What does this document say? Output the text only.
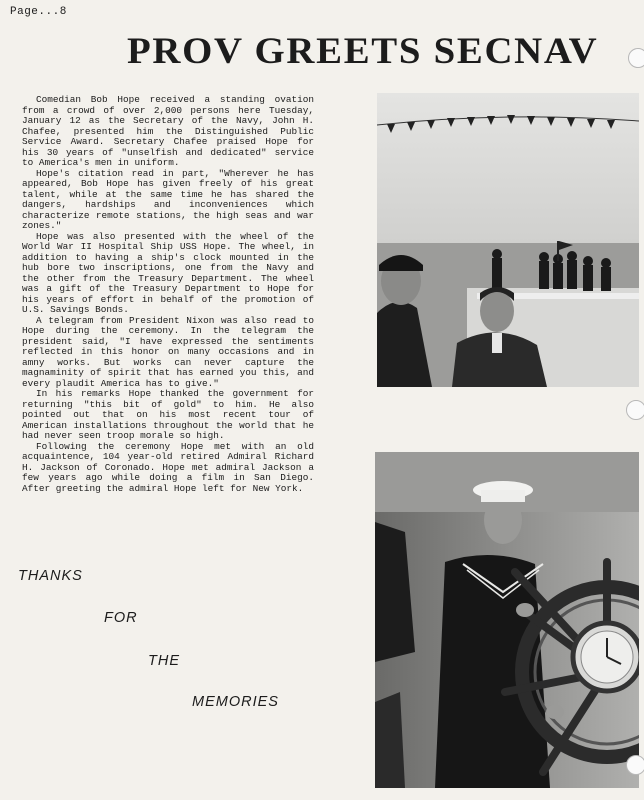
Page...8
PROV GREETS SECNAV

Comedian Bob Hope received a standing ovation from a crowd of over 2,000 persons here Tuesday, January 12 as the Secretary of the Navy, John H. Chafee, presented him the Distinguished Public Service Award. Secretary Chafee praised Hope for his 30 years of "unselfish and dedicated" service to America's men in uniform.

Hope's citation read in part, "Wherever he has appeared, Bob Hope has given freely of his great talent, while at the same time he has shared the dangers, hardships and inconveniences which characterize remote stations, the high seas and war zones."

Hope was also presented with the wheel of the World War II Hospital Ship USS Hope. The wheel, in addition to having a ship's clock mounted in the hub bore two inscriptions, one from the Navy and the other from the Treasury Department. The wheel was a gift of the Treasury Department to Hope for his years of effort in behalf of the promotion of U.S. Savings Bonds.

A telegram from President Nixon was also read to Hope during the ceremony. In the telegram the president said, "I have expressed the sentiments reflected in this honor on many occasions and in amny works. But works can never capture the magnaminity of spirit that has earned you this, and every plaudit America has to give."

In his remarks Hope thanked the government for returning "this bit of gold" to him. He also pointed out that on his most recent tour of American installations throughout the world that he had never seen troop morale so high.

Following the ceremony Hope met with an old acquaintence, 104 year-old retired Admiral Richard H. Jackson of Coronado. Hope met admiral Jackson a few years ago while doing a film in San Diego. After greeting the admiral Hope left for New York.

THANKS
FOR
THE
MEMORIES
